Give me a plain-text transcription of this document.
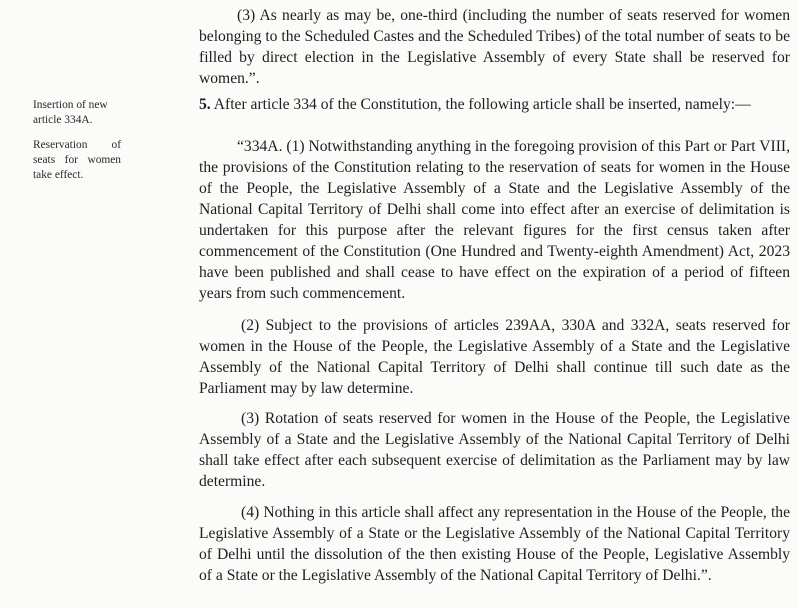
Insertion of new article 334A.

Reservation of seats for women take effect.

(3) As nearly as may be, one-third (including the number of seats reserved for women belonging to the Scheduled Castes and the Scheduled Tribes) of the total number of seats to be filled by direct election in the Legislative Assembly of every State shall be reserved for women.”.

5. After article 334 of the Constitution, the following article shall be inserted, namely:—

“334A. (1) Notwithstanding anything in the foregoing provision of this Part or Part VIII, the provisions of the Constitution relating to the reservation of seats for women in the House of the People, the Legislative Assembly of a State and the Legislative Assembly of the National Capital Territory of Delhi shall come into effect after an exercise of delimitation is undertaken for this purpose after the relevant figures for the first census taken after commencement of the Constitution (One Hundred and Twenty-eighth Amendment) Act, 2023 have been published and shall cease to have effect on the expiration of a period of fifteen years from such commencement.

(2) Subject to the provisions of articles 239AA, 330A and 332A, seats reserved for women in the House of the People, the Legislative Assembly of a State and the Legislative Assembly of the National Capital Territory of Delhi shall continue till such date as the Parliament may by law determine.

(3) Rotation of seats reserved for women in the House of the People, the Legislative Assembly of a State and the Legislative Assembly of the National Capital Territory of Delhi shall take effect after each subsequent exercise of delimitation as the Parliament may by law determine.

(4) Nothing in this article shall affect any representation in the House of the People, the Legislative Assembly of a State or the Legislative Assembly of the National Capital Territory of Delhi until the dissolution of the then existing House of the People, Legislative Assembly of a State or the Legislative Assembly of the National Capital Territory of Delhi.”.
